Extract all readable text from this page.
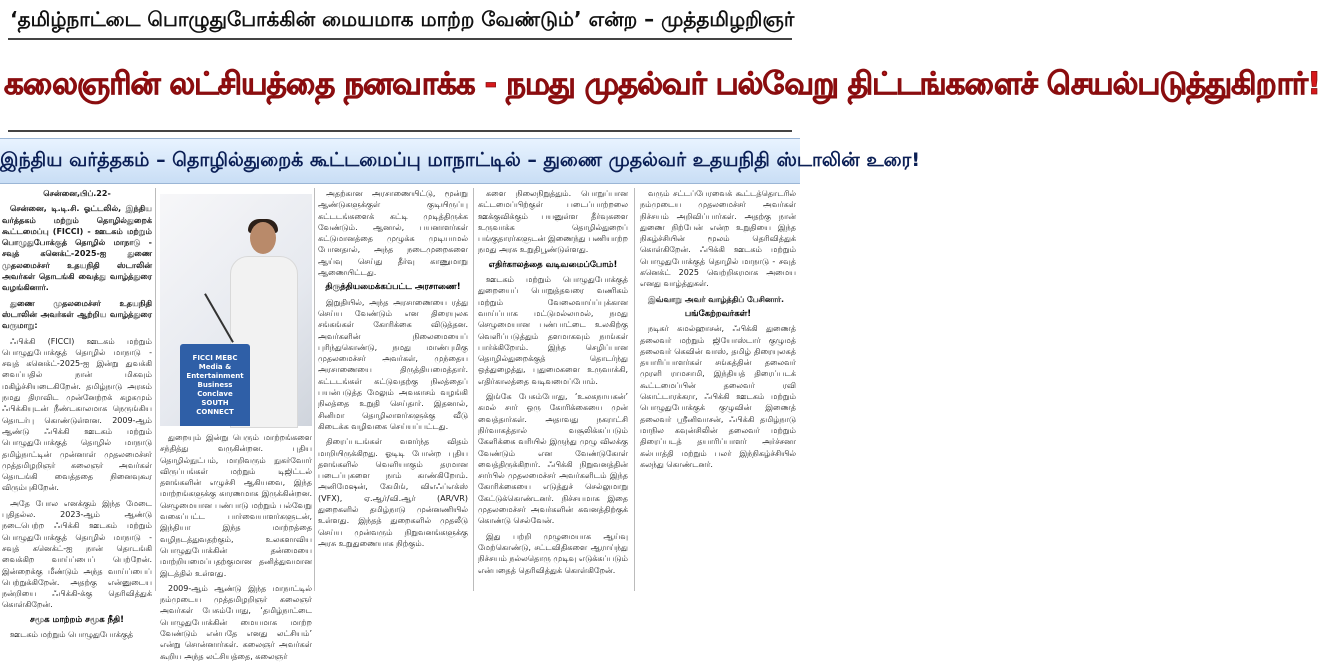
‘தமிழ்நாட்டை பொழுதுபோக்கின் மையமாக மாற்ற வேண்டும்’ என்ற – முத்தமிழறிஞர்
கலைஞரின் லட்சியத்தை நனவாக்க - நமது முதல்வர் பல்வேறு திட்டங்களைச் செயல்படுத்துகிறார்!
இந்திய வர்த்தகம் – தொழில்துறைக் கூட்டமைப்பு மாநாட்டில் – துணை முதல்வர் உதயநிதி ஸ்டாலின் உரை!

சென்னை,பிப்.22-

சென்னை, டி.டி.சி. ஓட்டலில், இந்திய வர்த்தகம் மற்றும் தொழில்துறைக் கூட்டமைப்பு (FICCI) - ஊடகம் மற்றும் பொழுதுபோக்குத் தொழில் மாநாடு - சவுத் கனெக்ட்-2025-ஐ துணை முதலமைச்சர் உதயநிதி ஸ்டாலின் அவர்கள் தொடங்கி வைத்து வாழ்த்துரை வழங்கினார்.

துணை முதலமைச்சர் உதயநிதி ஸ்டாலின் அவர்கள் ஆற்றிய வாழ்த்துரை வருமாறு:

ஃபிக்கி (FICCI) ஊடகம் மற்றும் பொழுதுபோக்குத் தொழில் மாநாடு - சவுத் கனெக்ட்-2025-ஐ இன்று துவக்கி வைப்பதில் நான் மிகவும் மகிழ்ச்சியடைகிறேன். தமிழ்நாடு அரசும் நமது திராவிட முன்னேற்றக் கழகமும் ஃபிக்கியுடன் நீண்டகாலமாக நெருங்கிய தொடர்பு கொண்டுள்ளன. 2009-ஆம் ஆண்டு ஃபிக்கி ஊடகம் மற்றும் பொழுதுபோக்குத் தொழில் மாநாடு தமிழ்நாட்டின் முன்னாள் முதலமைச்சர் முத்தமிழறிஞர் கலைஞர் அவர்கள் தொடங்கி வைத்ததை நினைவுகூர விரும்புகிறேன்.

அதே போல எனக்கும் இந்த மேடை புதிதல்ல. 2023-ஆம் ஆண்டு நடைபெற்ற ஃபிக்கி ஊடகம் மற்றும் பொழுதுபோக்குத் தொழில் மாநாடு - சவுத் கனெக்ட்-ஐ நான் தொடங்கி வைக்கிற வாய்ப்பைப் பெற்றேன். இன்றைக்கு மீண்டும் அந்த வாய்ப்பைப் பெற்றுக்கிறேன். அதற்கு என்னுடைய நன்றியை ஃபிக்கி-க்கு தெரிவித்துக் கொள்கிறேன்.

சமூக மாற்றம் சமூக நீதி!

ஊடகம் மற்றும் பொழுதுபோக்குத்

FICCI MEBC Media & Entertainment Business Conclave SOUTH CONNECT

துறையும் இன்று பெரும் மாற்றங்களை சந்தித்து வருகின்றன. புதிய தொழில்நுட்பம், மாறிவரும் நுகர்வோர் விருப்பங்கள் மற்றும் டிஜிட்டல் தளங்களின் எழுச்சி ஆகியவை, இந்த மாற்றங்களுக்கு காரணமாக இருக்கின்றன. செழுமையான பண்பாடு மற்றும் பல்வேறு வகைப்பட்ட பார்வையாளர்களுடன், இந்தியா இந்த மாற்றத்தை வழிநடத்துவதற்கும், உலகளாவிய பொழுதுபோக்கின் தன்மையை மாற்றியமைப்பதற்குமான தனித்துவமான இடத்தில் உள்ளது.

2009-ஆம் ஆண்டு இந்த மாநாட்டில் நம்முடைய முத்தமிழறிஞர் கலைஞர் அவர்கள் பேசும்போது, ‘தமிழ்நாட்டை பொழுதுபோக்கின் மையமாக மாற்ற வேண்டும் என்பதே எனது லட்சியம்’ என்று சொன்னார்கள். கலைஞர் அவர்கள் கூறிய அந்த லட்சியத்தை, கலைஞர்

அதற்கான அரசாணையிட்டு, மூன்று ஆண்டுகளுக்குள் குடியிருப்பு கட்டடங்களைக் கட்டி முடித்திருக்க வேண்டும். ஆனால், பயனாளர்கள் கட்டுமானத்தை முழுக்க முடியாமல் போனதால், அந்த நடைமுறைகளை ஆய்வு செய்து தீர்வு காணுமாறு ஆணையிட்டது.

திருத்தியமைக்கப்பட்ட அரசாணை!

இறுதியில், அந்த அரசாணையை ரத்து செய்ய வேண்டும் என திரையுலக சங்கங்கள் கோரிக்கை விடுத்தன. அவர்களின் நிலைமையைப் புரிந்துகொண்டு, நமது மாண்புமிகு முதலமைச்சர் அவர்கள், முந்தைய அரசாணையை திருத்தியமைத்தார். கட்டடங்கள் கட்டுவதற்கு நிலத்தைப் பயன்படுத்த மேலும் அவகாசம் வழங்கி நிலத்தை உறுதி செய்தார். இதனால், சினிமா தொழிலாளர்களுக்கு வீடு கிடைக்க வழிவகை செய்யப்பட்டது.

திரைப்படங்கள் வளர்ந்த விதம் மாறியிருக்கிறது. ஓடிடி போன்ற புதிய தளங்களில் வெளியாகும் தரமான படைப்புகளை நாம் காண்கிறோம். அனிமேஷன், கேமிங், விஎஃப்எக்ஸ் (VFX), ஏ.ஆர்/வி.ஆர் (AR/VR) துறைகளில் தமிழ்நாடு முன்னணியில் உள்ளது. இந்தத் துறைகளில் முதலீடு செய்ய முன்வரும் நிறுவனங்களுக்கு அரசு உறுதுணையாக நிற்கும்.

களை நிலைநிறுத்தும். பொறுப்பான கட்டமைப்பிற்குள் படைப்பாற்றலை ஊக்குவிக்கும் பயனுள்ள தீர்வுகளை உருவாக்க தொழில்துறைப் பங்குதாரர்களுடன் இணைந்து பணியாற்ற நமது அரசு உறுதிபூண்டுள்ளது.

எதிர்காலத்தை வடிவமைப்போம்!

ஊடகம் மற்றும் பொழுதுபோக்குத் துறையைப் பொறுத்தவரை வணிகம் மற்றும் வேலைவாய்ப்புக்கான வாய்ப்பாக மட்டுமல்லாமல், நமது செழுமையான பண்பாட்டை உலகிற்கு வெளிப்படுத்தும் தளமாகவும் நாங்கள் பார்க்கிறோம். இந்த செழிப்பான தொழில்துறைக்குத் தொடர்ந்து ஒத்துழைத்து, புதுமைகளை உருவாக்கி, எதிர்காலத்தை வடிவமைப்போம்.

இங்கே பேசும்போது, ‘உலகநாயகன்’ கமல் சார் ஒரு கோரிக்கையை முன் வைத்தார்கள். அதாவது நகராட்சி நிர்வாகத்தால் வசூலிக்கப்படும் கேளிக்கை வரியில் இருந்து முழு விலக்கு வேண்டும் என வேண்டுகோள் வைத்திருக்கிறார். ஃபிக்கி நிறுவனத்தின் சார்பில் முதலமைச்சர் அவர்களிடம் இந்த கோரிக்கையை எடுத்துச் செல்லுமாறு கேட்டுக்கொண்டனர். நிச்சயமாக இதை முதலமைச்சர் அவர்களின் கவனத்திற்குக் கொண்டு செல்வேன்.

இது பற்றி முழுமையாக ஆய்வு மேற்கொண்டு, சட்டவிதிகளை ஆராய்ந்து நிச்சயம் நல்லதொரு முடிவு எடுக்கப்படும் என்பதைத் தெரிவித்துக் கொள்கிறேன்.

வரும் சட்டப்பேரவைக் கூட்டத்தொடரில் நம்முடைய முதலமைச்சர் அவர்கள் நிச்சயம் அறிவிப்பார்கள். அதற்கு நான் துணை நிற்பேன் என்ற உறுதியை இந்த நிகழ்ச்சியின் மூலம் தெரிவித்துக் கொள்கிறேன். ஃபிக்கி ஊடகம் மற்றும் பொழுதுபோக்குத் தொழில் மாநாடு - சவுத் கனெக்ட் 2025 வெற்றிகரமாக அமைய எனது வாழ்த்துகள்.

இவ்வாறு அவர் வாழ்த்திப் பேசினார்.

பங்கேற்றவர்கள்!

நடிகர் கமல்ஹாசன், ஃபிக்கி துணைத் தலைவர் மற்றும் ஜியோஸ்டார் குழுமத் தலைவர் கெவின் வாஸ், தமிழ் திரையுலகத் தயாரிப்பாளர்கள் சங்கத்தின் தலைவர் முரளி ராமசாமி, இந்தியத் திரைப்படக் கூட்டமைப்பின் தலைவர் ரவி கொட்டாரக்கரா, ஃபிக்கி ஊடகம் மற்றும் பொழுதுபோக்குக் குழுவின் இணைத் தலைவர் ஸ்ரீனிவாசன், ஃபிக்கி தமிழ்நாடு மாநில கவுன்சிலின் தலைவர் மற்றும் திரைப்படத் தயாரிப்பாளர் அர்ச்சனா கல்பாத்தி மற்றும் பலர் இந்நிகழ்ச்சியில் கலந்து கொண்டனர்.
